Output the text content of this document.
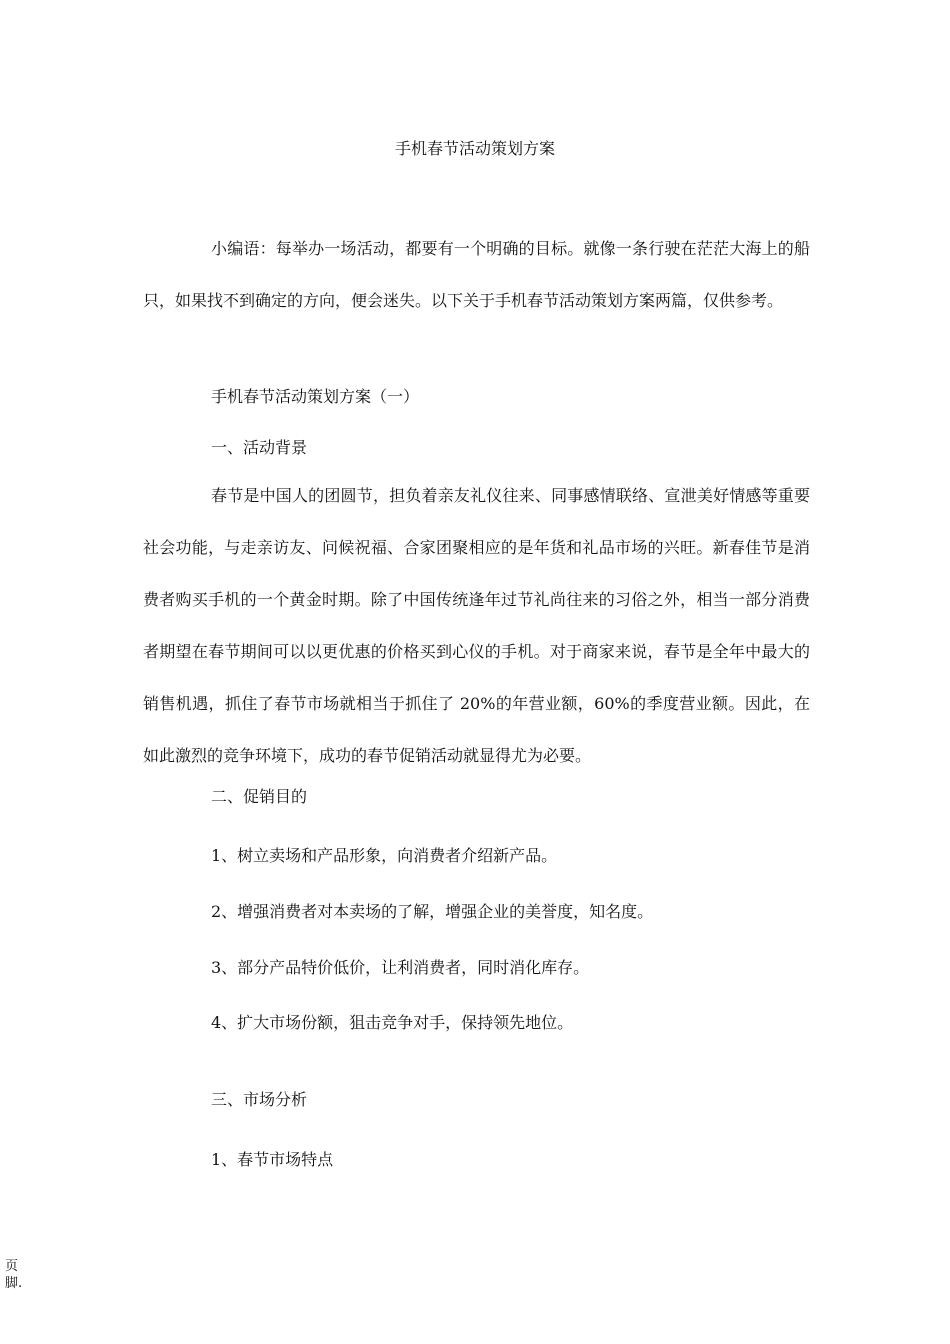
手机春节活动策划方案
小编语：每举办一场活动，都要有一个明确的目标。就像一条行驶在茫茫大海上的船只，如果找不到确定的方向，便会迷失。以下关于手机春节活动策划方案两篇，仅供参考。
手机春节活动策划方案（一）
一、活动背景
春节是中国人的团圆节，担负着亲友礼仪往来、同事感情联络、宣泄美好情感等重要社会功能，与走亲访友、问候祝福、合家团聚相应的是年货和礼品市场的兴旺。新春佳节是消费者购买手机的一个黄金时期。除了中国传统逢年过节礼尚往来的习俗之外，相当一部分消费者期望在春节期间可以以更优惠的价格买到心仪的手机。对于商家来说，春节是全年中最大的销售机遇，抓住了春节市场就相当于抓住了 20%的年营业额，60%的季度营业额。因此，在如此激烈的竞争环境下，成功的春节促销活动就显得尤为必要。
二、促销目的
1、树立卖场和产品形象，向消费者介绍新产品。
2、增强消费者对本卖场的了解，增强企业的美誉度，知名度。
3、部分产品特价低价，让利消费者，同时消化库存。
4、扩大市场份额，狙击竞争对手，保持领先地位。
三、市场分析
1、春节市场特点
页脚.
